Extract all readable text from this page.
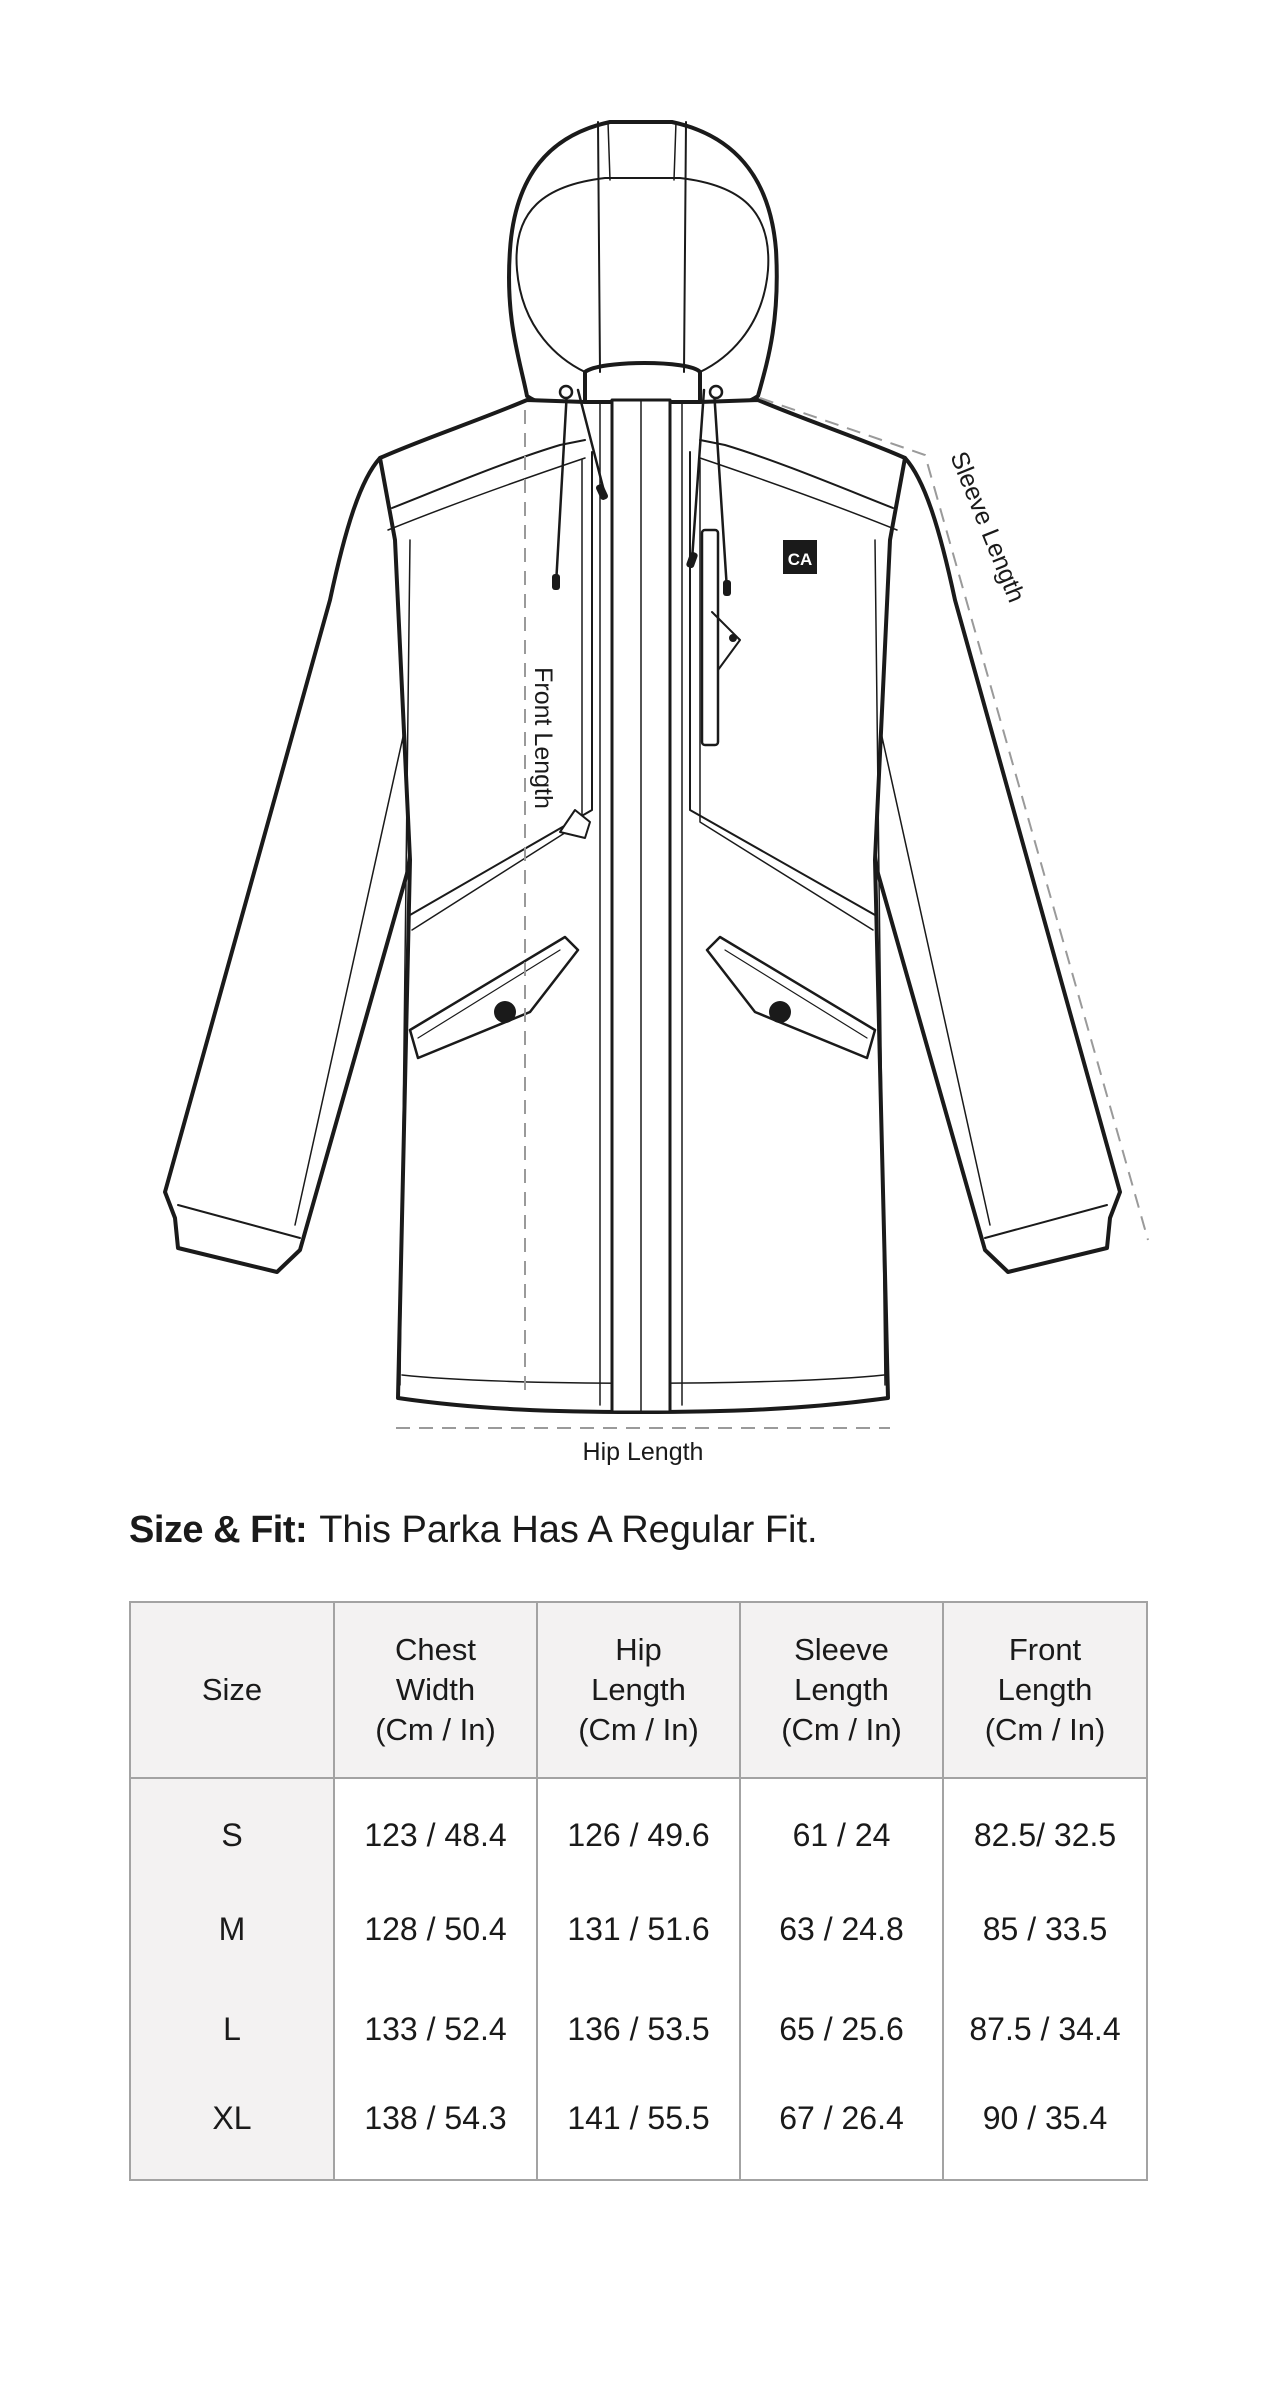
CA	Sleeve Length
Front Length
Hip Length
Size & Fit: This Parka Has A Regular Fit.
Size	Chest
Width
(Cm / In)	Hip
Length
(Cm / In)	Sleeve
Length
(Cm / In)	Front
Length
(Cm / In)

S	123 / 48.4	126 / 49.6	61 / 24	82.5/ 32.5
M	128 / 50.4	131 / 51.6	63 / 24.8	85 / 33.5
L	133 / 52.4	136 / 53.5	65 / 25.6	87.5 / 34.4
XL	138 / 54.3	141 / 55.5	67 / 26.4	90 / 35.4
